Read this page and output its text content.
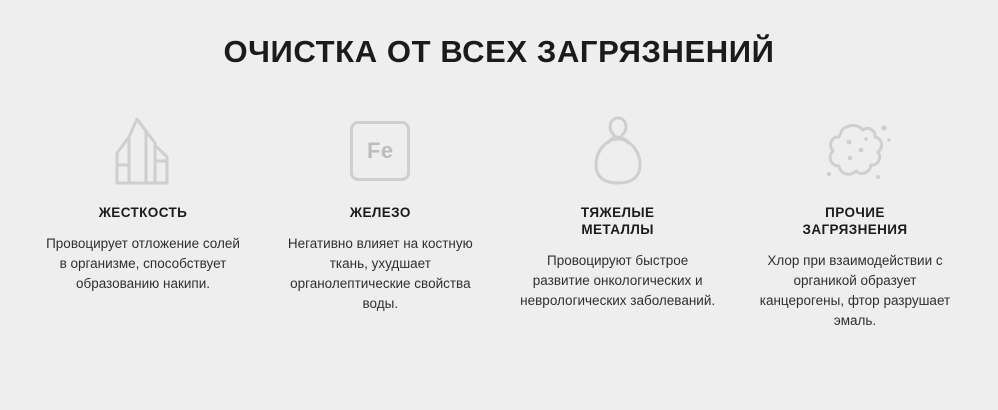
ОЧИСТКА ОТ ВСЕХ ЗАГРЯЗНЕНИЙ
ЖЕСТКОСТЬ
Провоцирует отложение солей в организме, способствует образованию накипи.
Fe
ЖЕЛЕЗО
Негативно влияет на костную ткань, ухудшает органолептические свойства воды.
ТЯЖЕЛЫЕ
МЕТАЛЛЫ
Провоцируют быстрое развитие онкологических и неврологических заболеваний.
ПРОЧИЕ
ЗАГРЯЗНЕНИЯ
Хлор при взаимодействии с органикой образует канцерогены, фтор разрушает эмаль.
